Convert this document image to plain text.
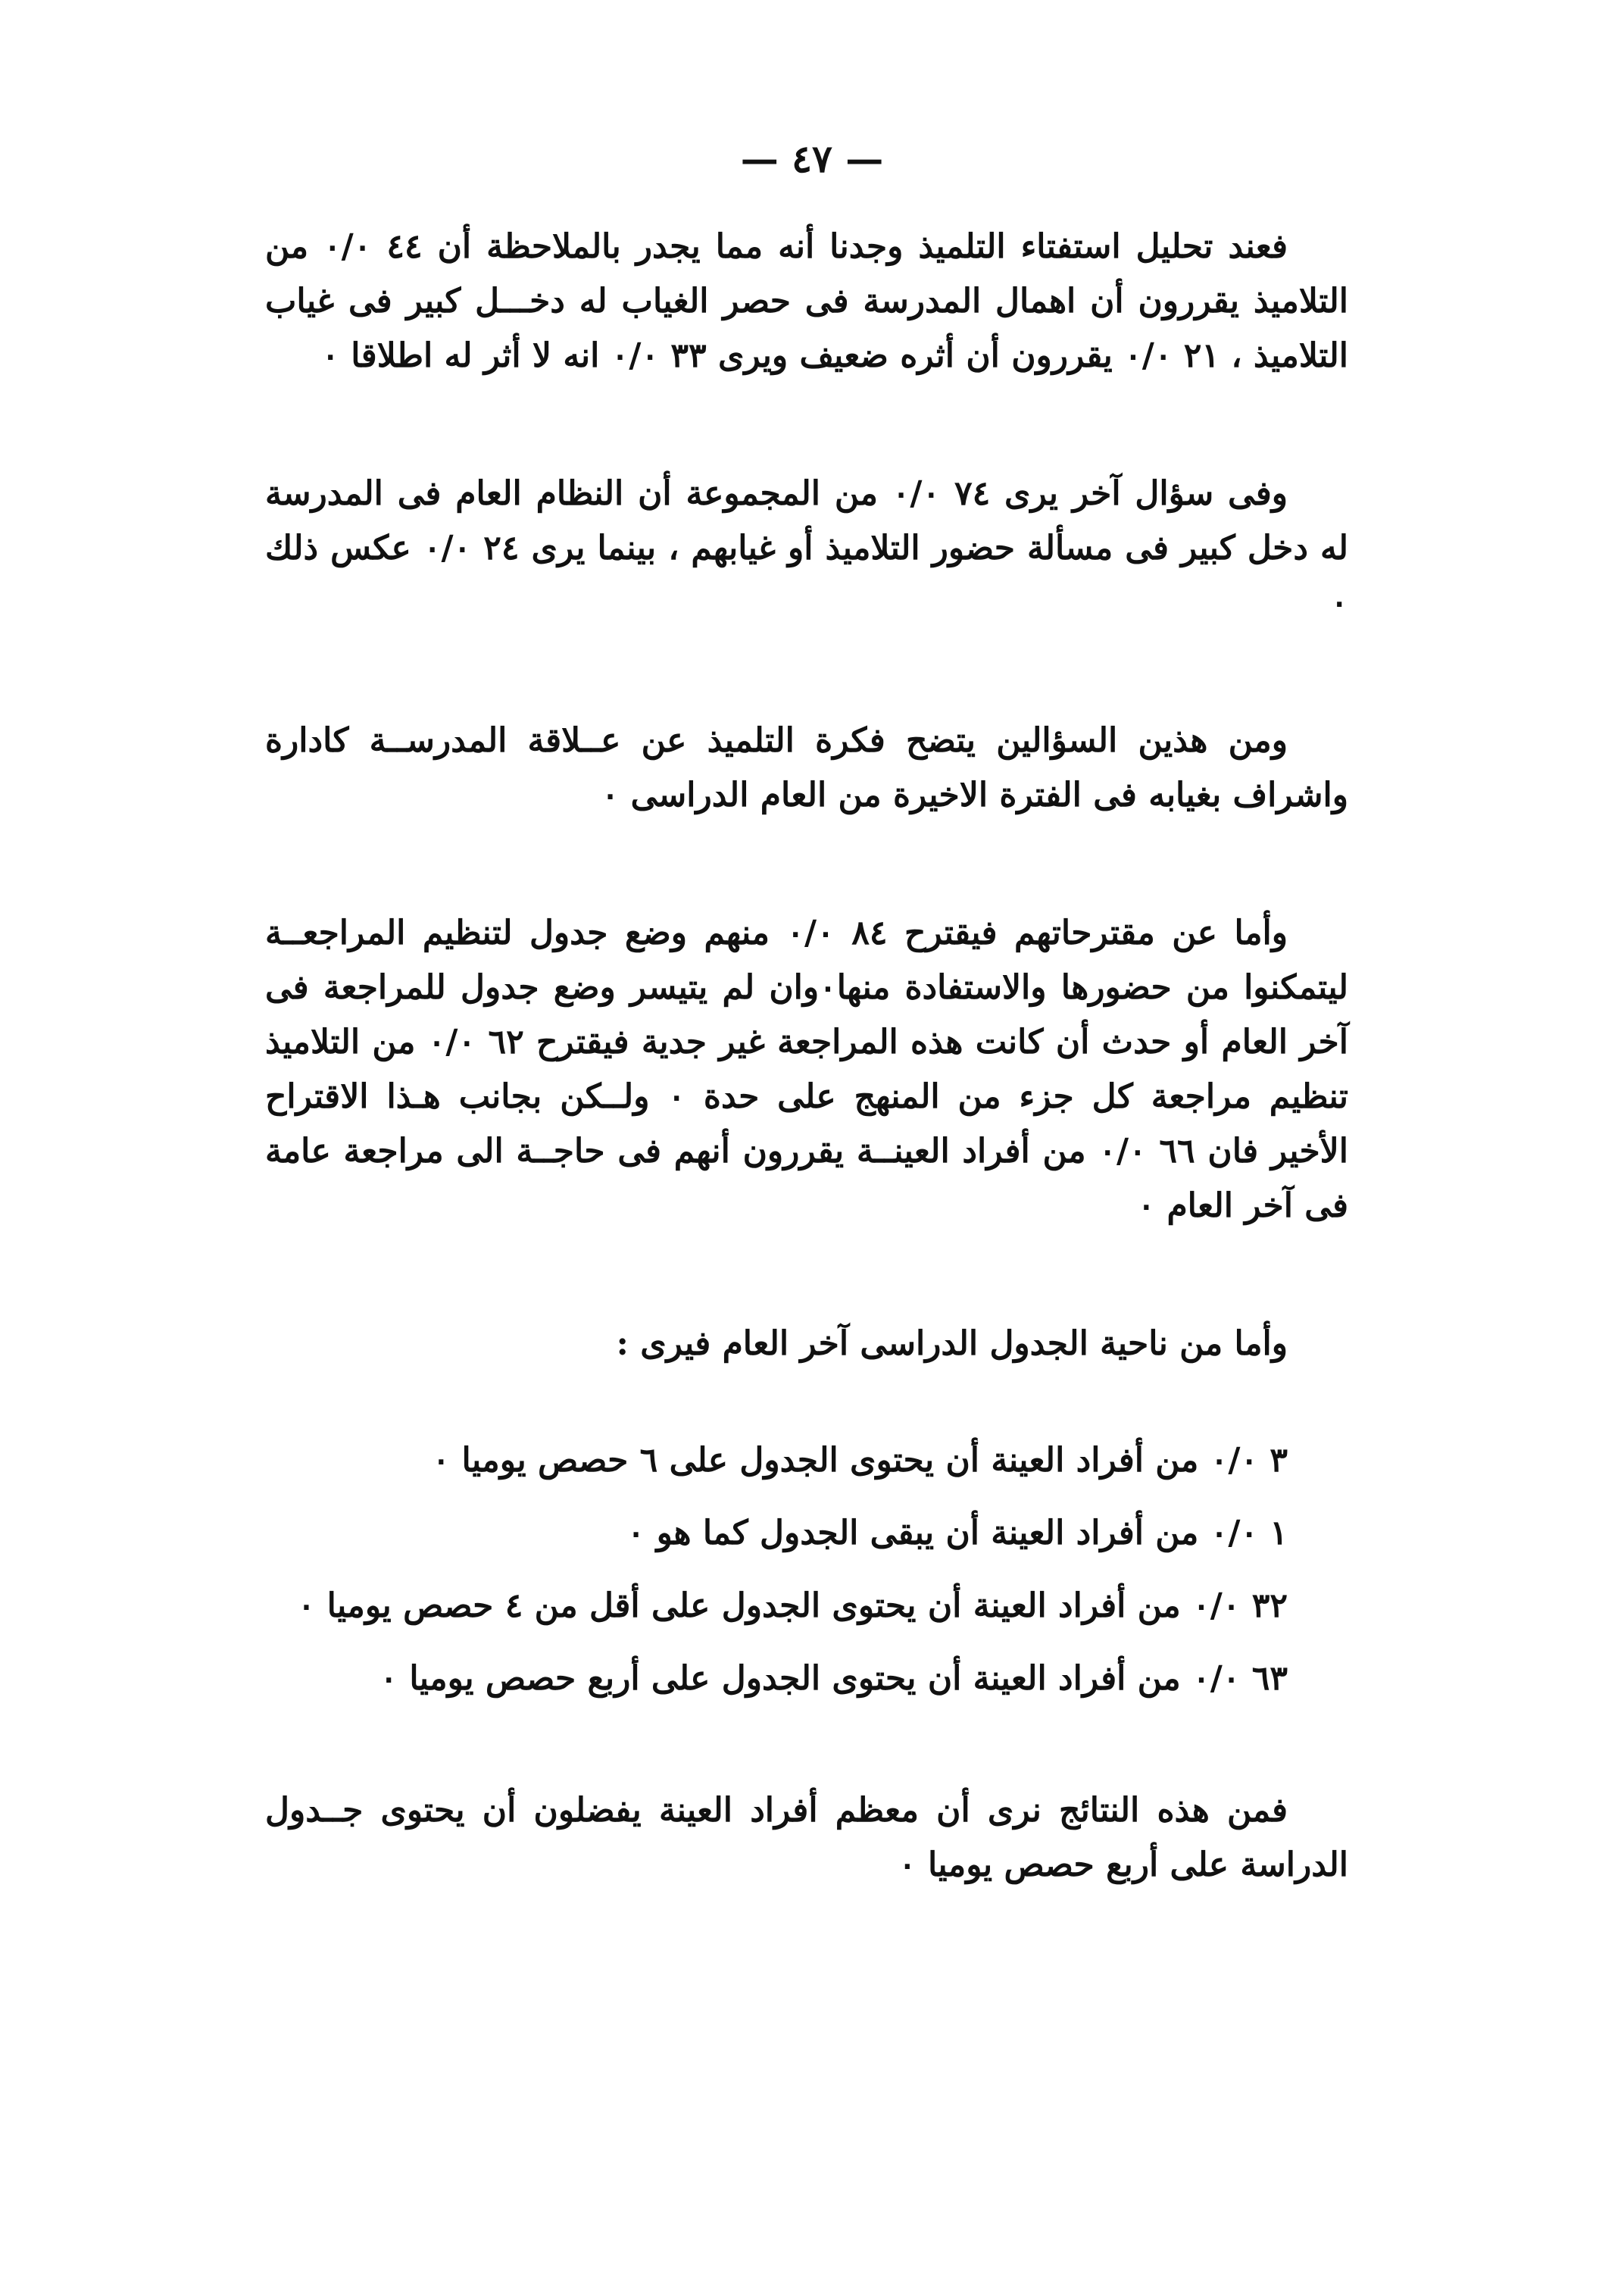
— ٤٧ —

فعند تحليل استفتاء التلميذ وجدنا أنه مما يجدر بالملاحظة أن ٤٤ ٠/٠ من التلاميذ يقررون أن اهمال المدرسة فى حصر الغياب له دخـــل كبير فى غياب التلاميذ ، ٢١ ٠/٠ يقررون أن أثره ضعيف ويرى ٣٣ ٠/٠ انه لا أثر له اطلاقا ٠

وفى سؤال آخر يرى ٧٤ ٠/٠ من المجموعة أن النظام العام فى المدرسة له دخل كبير فى مسألة حضور التلاميذ أو غيابهم ، بينما يرى ٢٤ ٠/٠ عكس ذلك ٠

ومن هذين السؤالين يتضح فكرة التلميذ عن عــلاقة المدرســة كادارة واشراف بغيابه فى الفترة الاخيرة من العام الدراسى ٠

وأما عن مقترحاتهم فيقترح ٨٤ ٠/٠ منهم وضع جدول لتنظيم المراجعــة ليتمكنوا من حضورها والاستفادة منها٠وان لم يتيسر وضع جدول للمراجعة فى آخر العام أو حدث أن كانت هذه المراجعة غير جدية فيقترح ٦٢ ٠/٠ من التلاميذ تنظيم مراجعة كل جزء من المنهج على حدة ٠ ولــكن بجانب هـذا الاقتراح الأخير فان ٦٦ ٠/٠ من أفراد العينــة يقررون أنهم فى حاجــة الى مراجعة عامة فى آخر العام ٠

وأما من ناحية الجدول الدراسى آخر العام فيرى :

٣ ٠/٠ من أفراد العينة أن يحتوى الجدول على ٦ حصص يوميا ٠
١ ٠/٠ من أفراد العينة أن يبقى الجدول كما هو ٠
٣٢ ٠/٠ من أفراد العينة أن يحتوى الجدول على أقل من ٤ حصص يوميا ٠
٦٣ ٠/٠ من أفراد العينة أن يحتوى الجدول على أربع حصص يوميا ٠

فمن هذه النتائج نرى أن معظم أفراد العينة يفضلون أن يحتوى جــدول الدراسة على أربع حصص يوميا ٠
